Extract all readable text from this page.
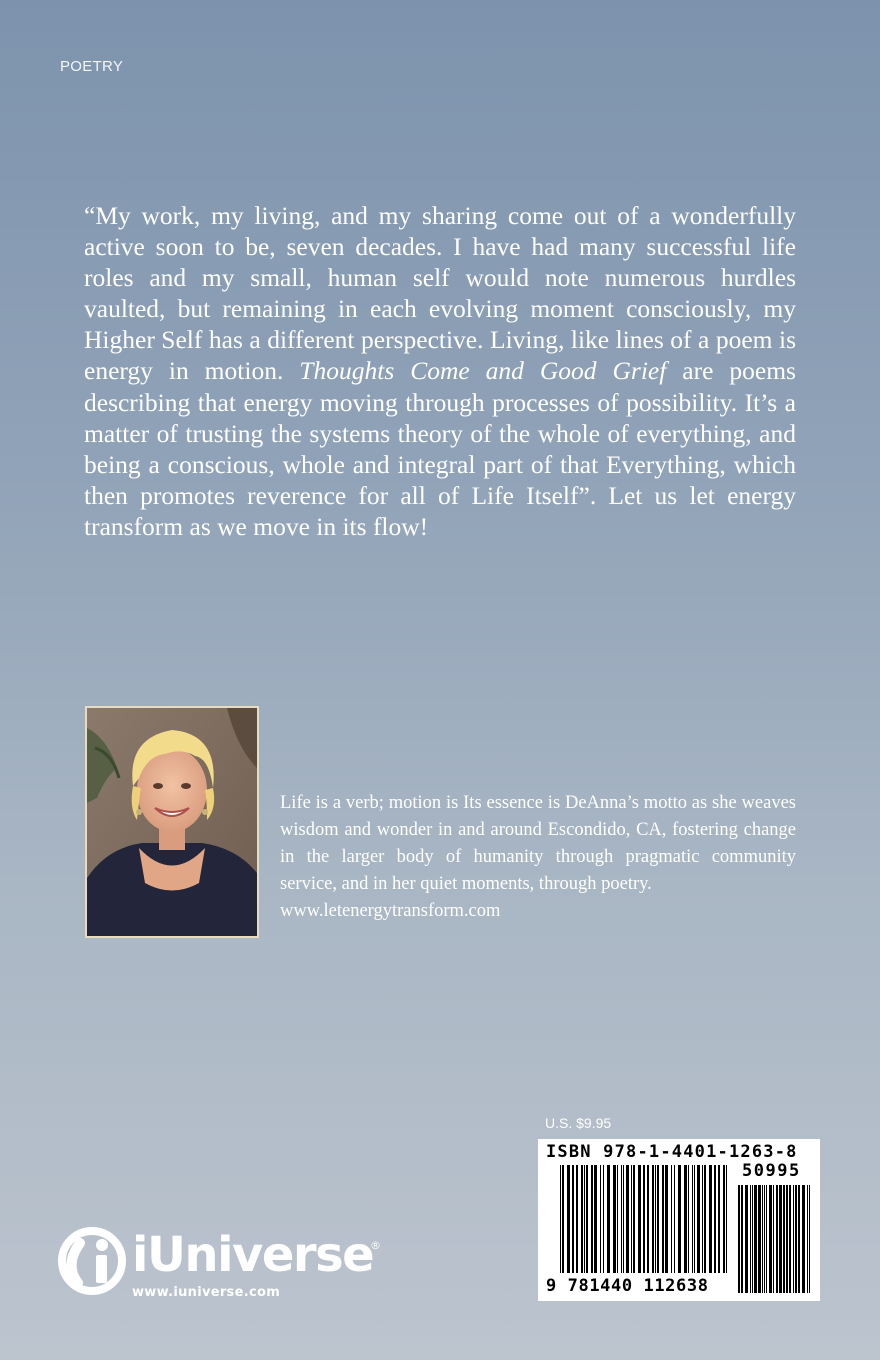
POETRY

“My work, my living, and my sharing come out of a wonderfully active soon to be, seven decades. I have had many successful life roles and my small, human self would note numerous hurdles vaulted, but remaining in each evolving moment consciously, my Higher Self has a different perspective. Living, like lines of a poem is energy in motion. Thoughts Come and Good Grief are poems describing that energy moving through processes of possibility. It’s a matter of trusting the systems theory of the whole of everything, and being a conscious, whole and integral part of that Everything, which then promotes reverence for all of Life Itself”. Let us let energy transform as we move in its flow!

Life is a verb; motion is Its essence is DeAnna’s motto as she weaves wisdom and wonder in and around Escondido, CA, fostering change in the larger body of humanity through pragmatic community service, and in her quiet moments, through poetry.
www.letenergytransform.com

U.S. $9.95
ISBN 978-1-4401-1263-8
50995
9 781440 112638
iUniverse
®
www.iuniverse.com
